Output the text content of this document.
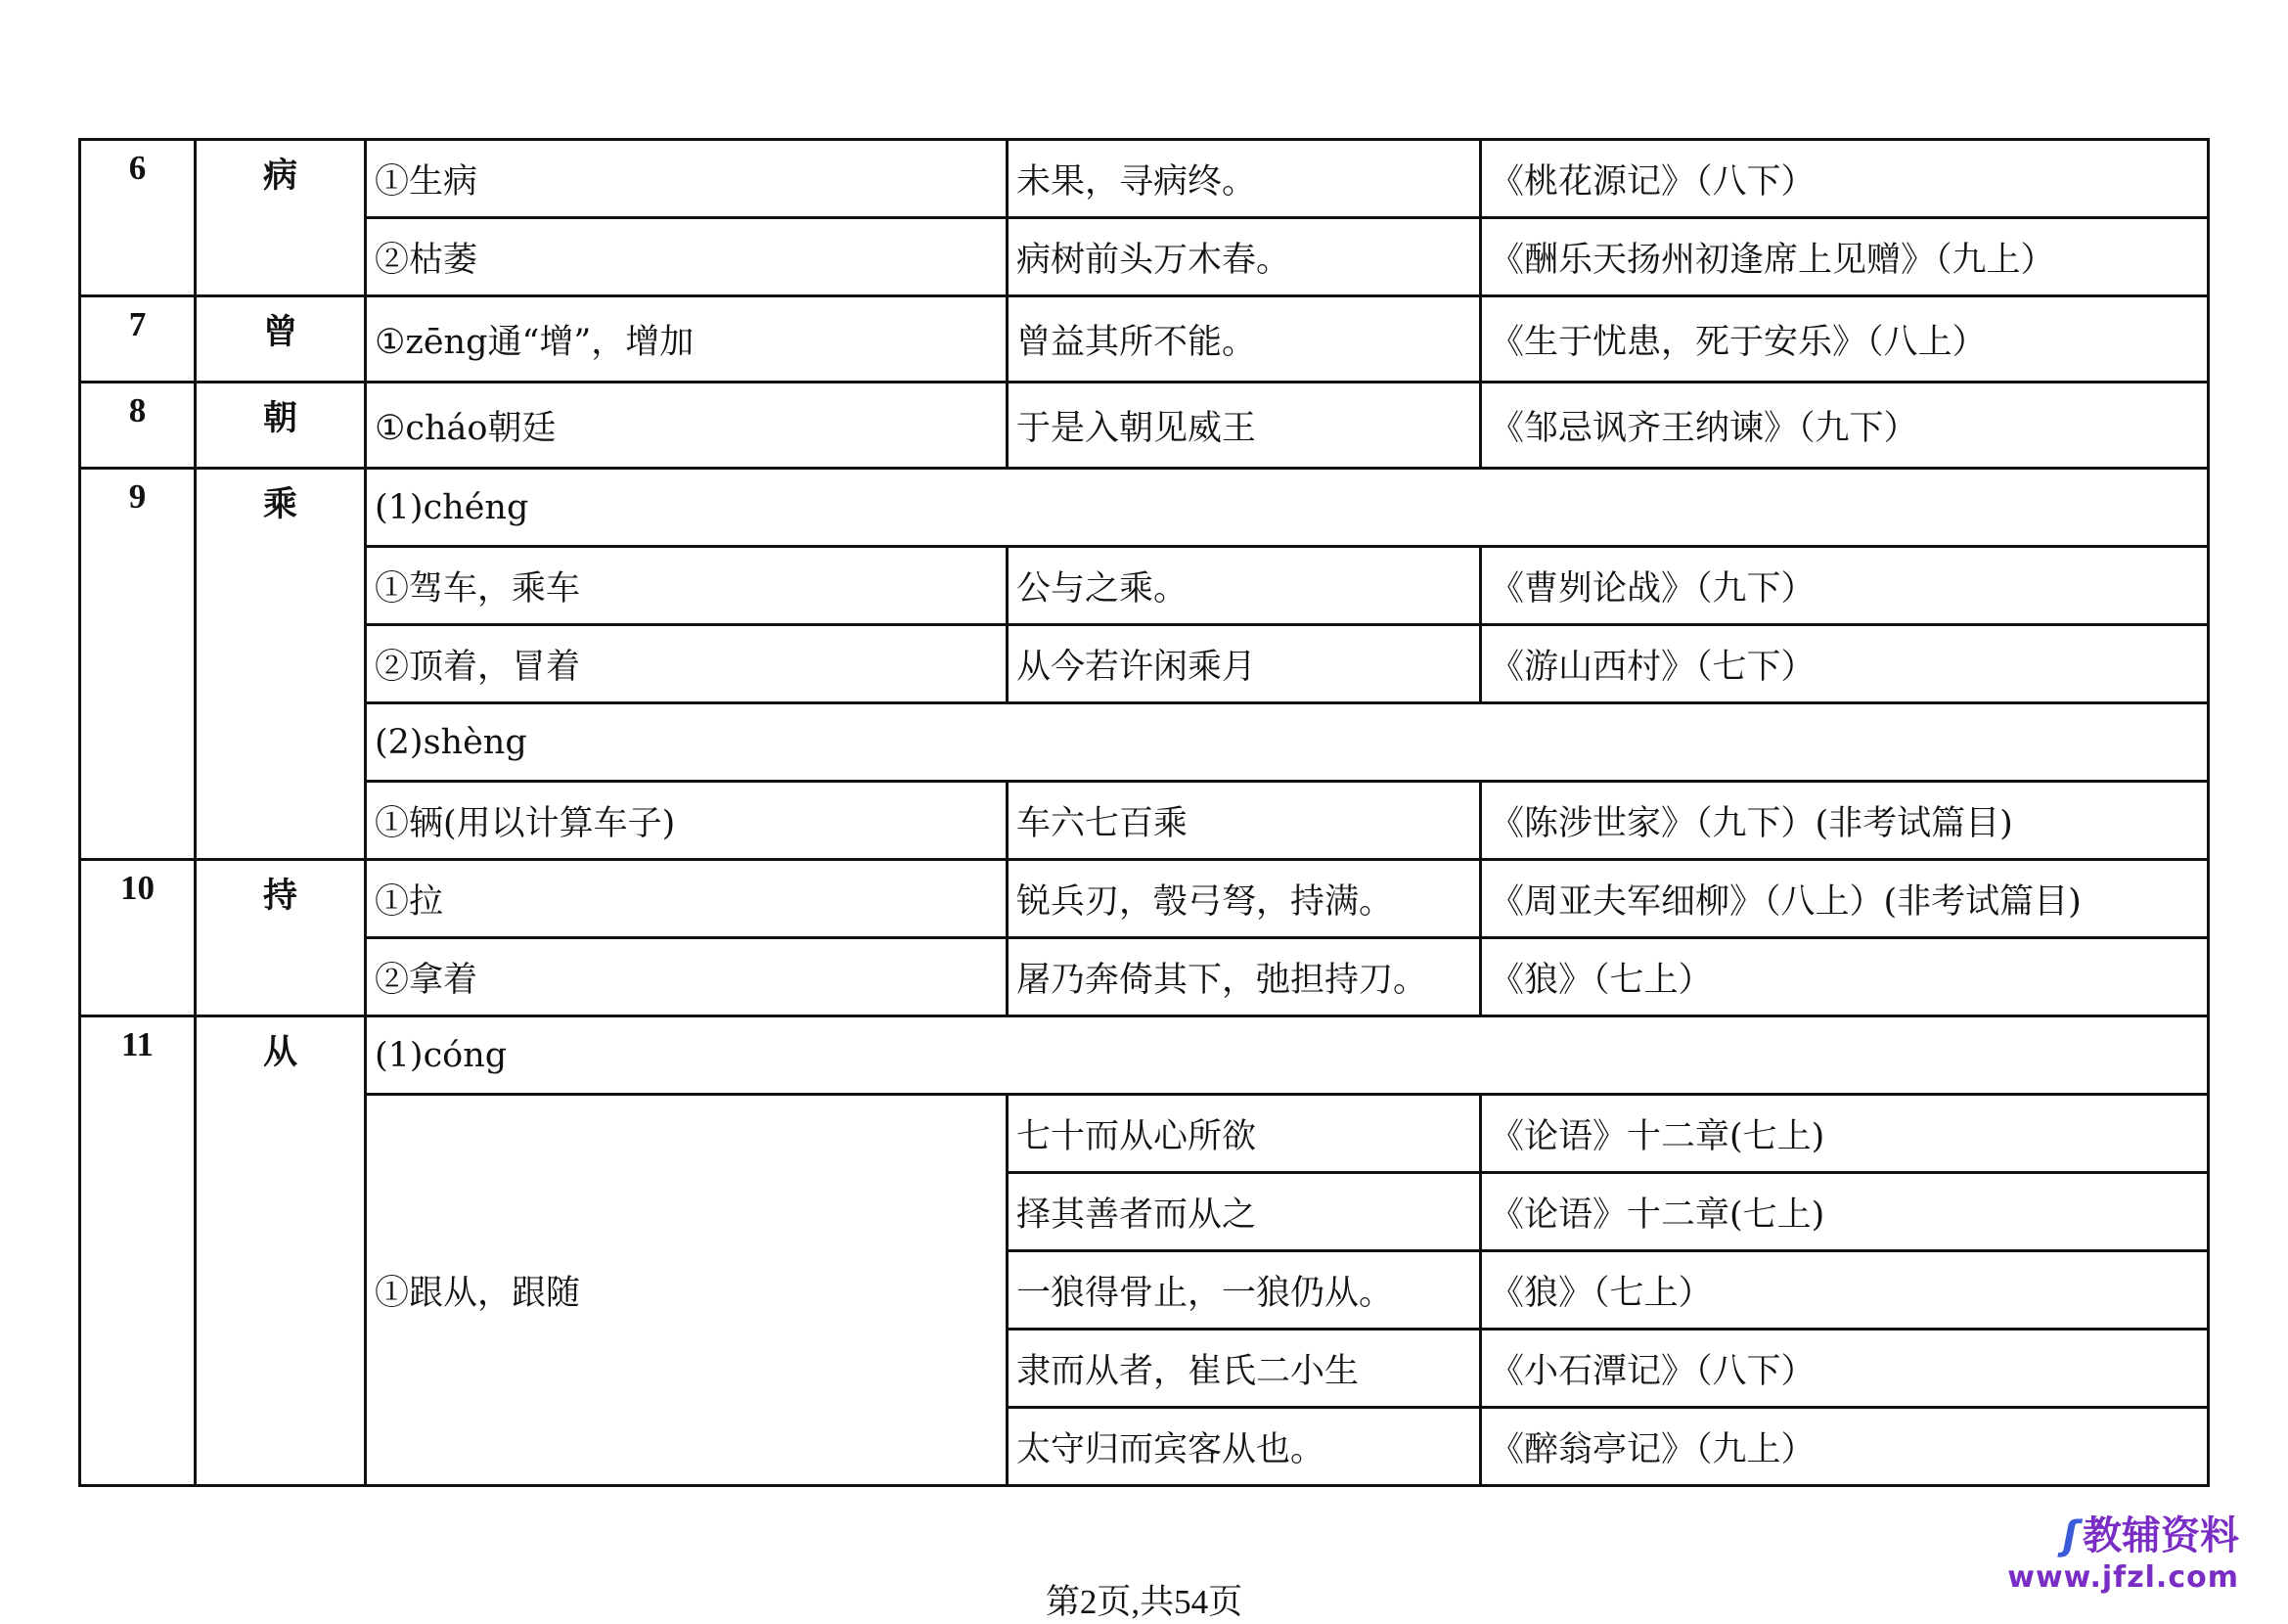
6	病	①生病	未果，寻病终。	《桃花源记》（八下）
		②枯萎	病树前头万木春。	《酬乐天扬州初逢席上见赠》（九上）
7	曾	①zēng通“增”，增加	曾益其所不能。	《生于忧患，死于安乐》（八上）
8	朝	①cháo朝廷	于是入朝见威王	《邹忌讽齐王纳谏》（九下）
9	乘	(1)chéng		
		①驾车，乘车	公与之乘。	《曹刿论战》（九下）
		②顶着，冒着	从今若许闲乘月	《游山西村》（七下）
		(2)shèng		
		①辆(用以计算车子)	车六七百乘	《陈涉世家》（九下）(非考试篇目)
10	持	①拉	锐兵刃，彀弓弩，持满。	《周亚夫军细柳》（八上）(非考试篇目)
		②拿着	屠乃奔倚其下，弛担持刀。	《狼》（七上）
11	从	(1)cóng		
		①跟从，跟随	七十而从心所欲	《论语》十二章(七上)
			择其善者而从之	《论语》十二章(七上)
			一狼得骨止，一狼仍从。	《狼》（七上）
			隶而从者，崔氏二小生	《小石潭记》（八下）
			太守归而宾客从也。	《醉翁亭记》（九上）
ʃ 教辅资料
www.jfzl.com
第2页,共54页
